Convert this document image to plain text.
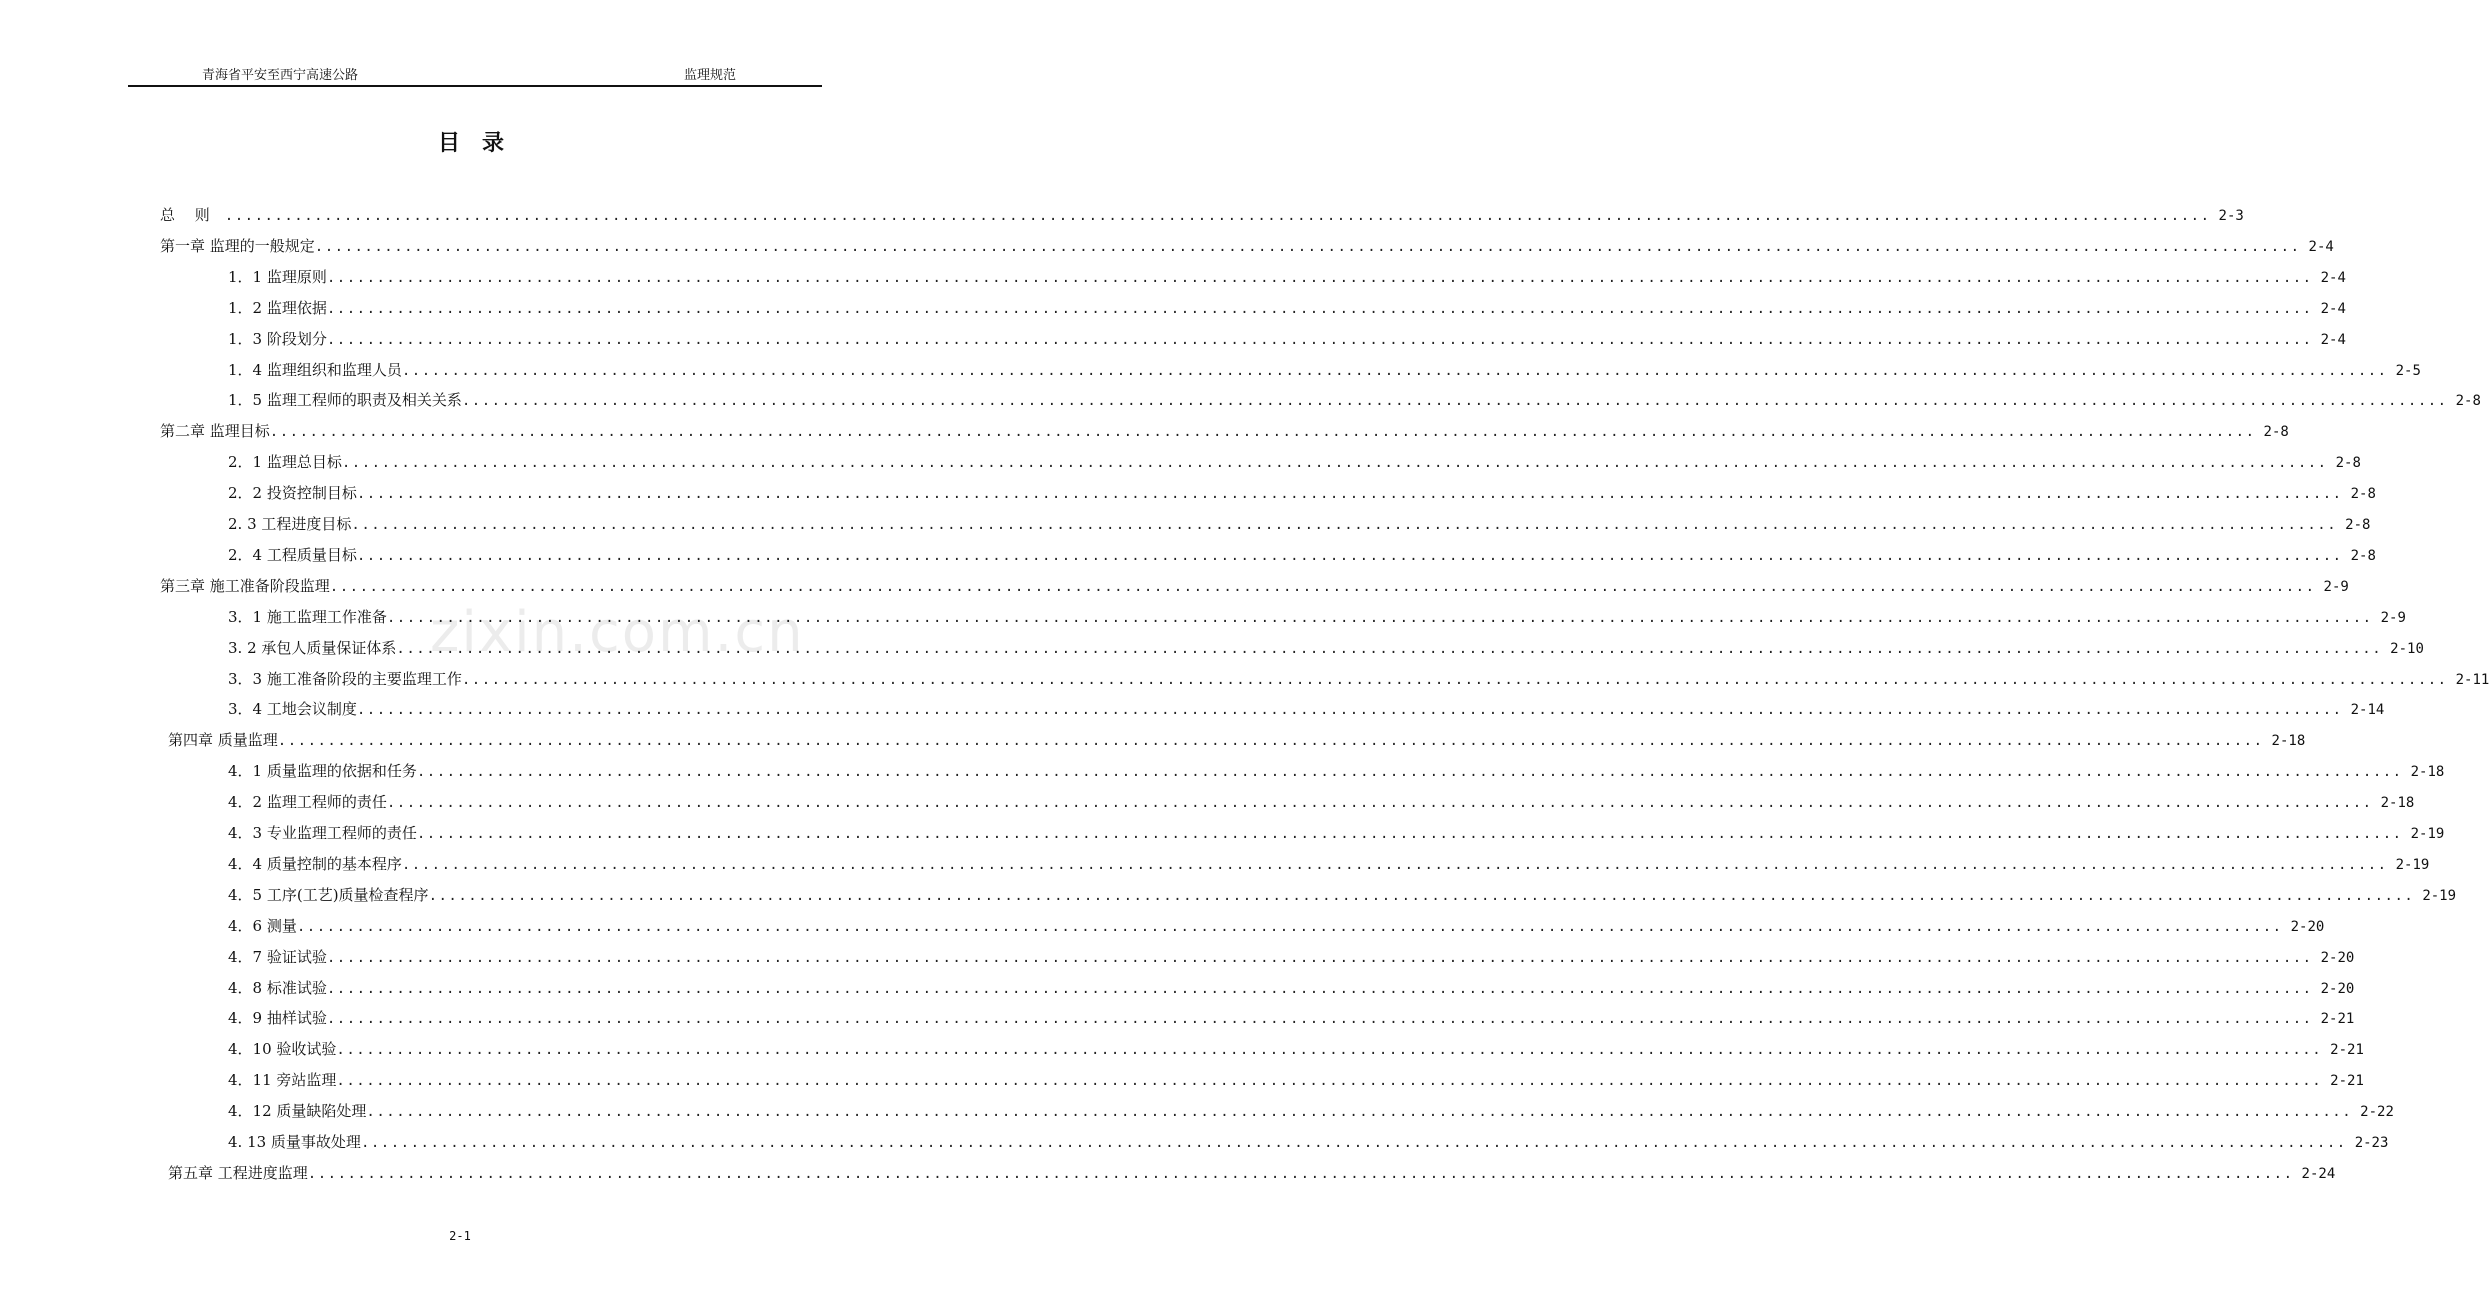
青海省平安至西宁高速公路	监理规范
目录
zixin.com.cn
总　 则　 ........................................................................................................................................................................................................ 2-3
第一章 监理的一般规定 ........................................................................................................................................................................................................ 2-4
1．1 监理原则 ........................................................................................................................................................................................................ 2-4
1．2 监理依据 ........................................................................................................................................................................................................ 2-4
1．3 阶段划分 ........................................................................................................................................................................................................ 2-4
1．4 监理组织和监理人员 ........................................................................................................................................................................................................ 2-5
1．5 监理工程师的职责及相关关系 ........................................................................................................................................................................................................ 2-8
第二章 监理目标 ........................................................................................................................................................................................................ 2-8
2．1 监理总目标 ........................................................................................................................................................................................................ 2-8
2．2 投资控制目标 ........................................................................................................................................................................................................ 2-8
2. 3 工程进度目标 ........................................................................................................................................................................................................ 2-8
2．4 工程质量目标 ........................................................................................................................................................................................................ 2-8
第三章 施工准备阶段监理 ........................................................................................................................................................................................................ 2-9
3．1 施工监理工作准备 ........................................................................................................................................................................................................ 2-9
3. 2 承包人质量保证体系 ........................................................................................................................................................................................................ 2-10
3．3 施工准备阶段的主要监理工作 ........................................................................................................................................................................................................ 2-11
3．4 工地会议制度 ........................................................................................................................................................................................................ 2-14
第四章 质量监理 ........................................................................................................................................................................................................ 2-18
4．1 质量监理的依据和任务 ........................................................................................................................................................................................................ 2-18
4．2 监理工程师的责任 ........................................................................................................................................................................................................ 2-18
4．3 专业监理工程师的责任 ........................................................................................................................................................................................................ 2-19
4．4 质量控制的基本程序 ........................................................................................................................................................................................................ 2-19
4．5 工序(工艺)质量检查程序 ........................................................................................................................................................................................................ 2-19
4．6 测量 ........................................................................................................................................................................................................ 2-20
4．7 验证试验 ........................................................................................................................................................................................................ 2-20
4．8 标准试验 ........................................................................................................................................................................................................ 2-20
4．9 抽样试验 ........................................................................................................................................................................................................ 2-21
4．10 验收试验 ........................................................................................................................................................................................................ 2-21
4．11 旁站监理 ........................................................................................................................................................................................................ 2-21
4．12 质量缺陷处理 ........................................................................................................................................................................................................ 2-22
4. 13 质量事故处理 ........................................................................................................................................................................................................ 2-23
第五章 工程进度监理 ........................................................................................................................................................................................................ 2-24
2-1
